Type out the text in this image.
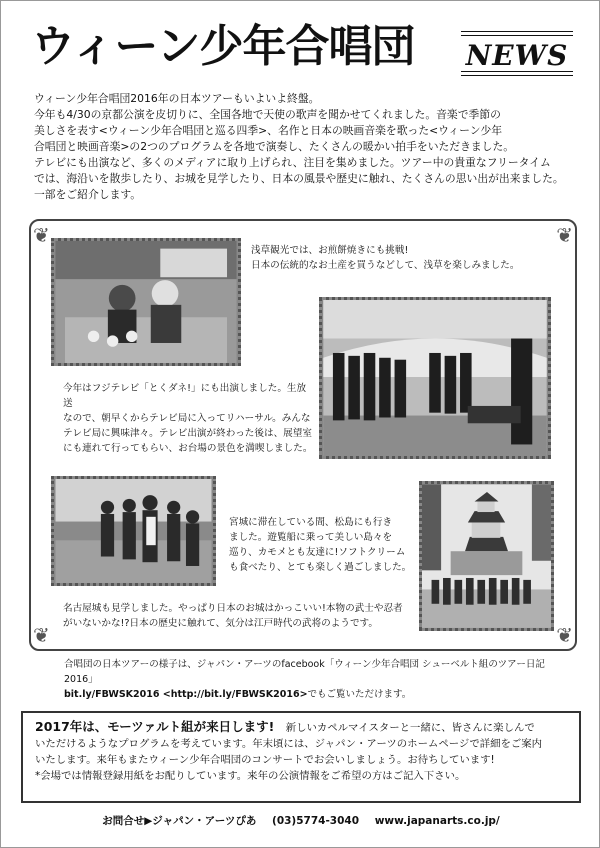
ウィーン少年合唱団 NEWS

ウィーン少年合唱団2016年の日本ツアーもいよいよ終盤。

今年も4/30の京都公演を皮切りに、全国各地で天使の歌声を聞かせてくれました。音楽で季節の

美しさを表す<ウィーン少年合唱団と巡る四季>、名作と日本の映画音楽を歌った<ウィーン少年

合唱団と映画音楽>の2つのプログラムを各地で演奏し、たくさんの暖かい拍手をいただきました。

テレビにも出演など、多くのメディアに取り上げられ、注目を集めました。ツアー中の貴重なフリータイム

では、海沿いを散歩したり、お城を見学したり、日本の風景や歴史に触れ、たくさんの思い出が出来ました。

一部をご紹介します。

❦	❦
❦	❦
浅草観光では、お煎餅焼きにも挑戦!
日本の伝統的なお土産を買うなどして、浅草を楽しみました。
今年はフジテレビ「とくダネ!」にも出演しました。生放送
なので、朝早くからテレビ局に入ってリハーサル。みんな
テレビ局に興味津々。テレビ出演が終わった後は、展望室
にも連れて行ってもらい、お台場の景色を満喫しました。
宮城に滞在している間、松島にも行き
ました。遊覧船に乗って美しい島々を
巡り、カモメとも友達に!ソフトクリーム
も食べたり、とても楽しく過ごしました。
名古屋城も見学しました。やっぱり日本のお城はかっこいい!本物の武士や忍者
がいないかな!?日本の歴史に触れて、気分は江戸時代の武将のようです。
合唱団の日本ツアーの様子は、ジャパン・アーツのfacebook「ウィーン少年合唱団 シューベルト組のツアー日記2016」
bit.ly/FBWSK2016 <http://bit.ly/FBWSK2016>でもご覧いただけます。
2017年は、モーツァルト組が来日します! 新しいカペルマイスターと一緒に、皆さんに楽しんで
いただけるようなプログラムを考えています。年末頃には、ジャパン・アーツのホームページで詳細をご案内
いたします。来年もまたウィーン少年合唱団のコンサートでお会いしましょう。お待ちしています!
*会場では情報登録用紙をお配りしています。来年の公演情報をご希望の方はご記入下さい。
お問合せ▶ジャパン・アーツぴあ (03)5774-3040 www.japanarts.co.jp/
